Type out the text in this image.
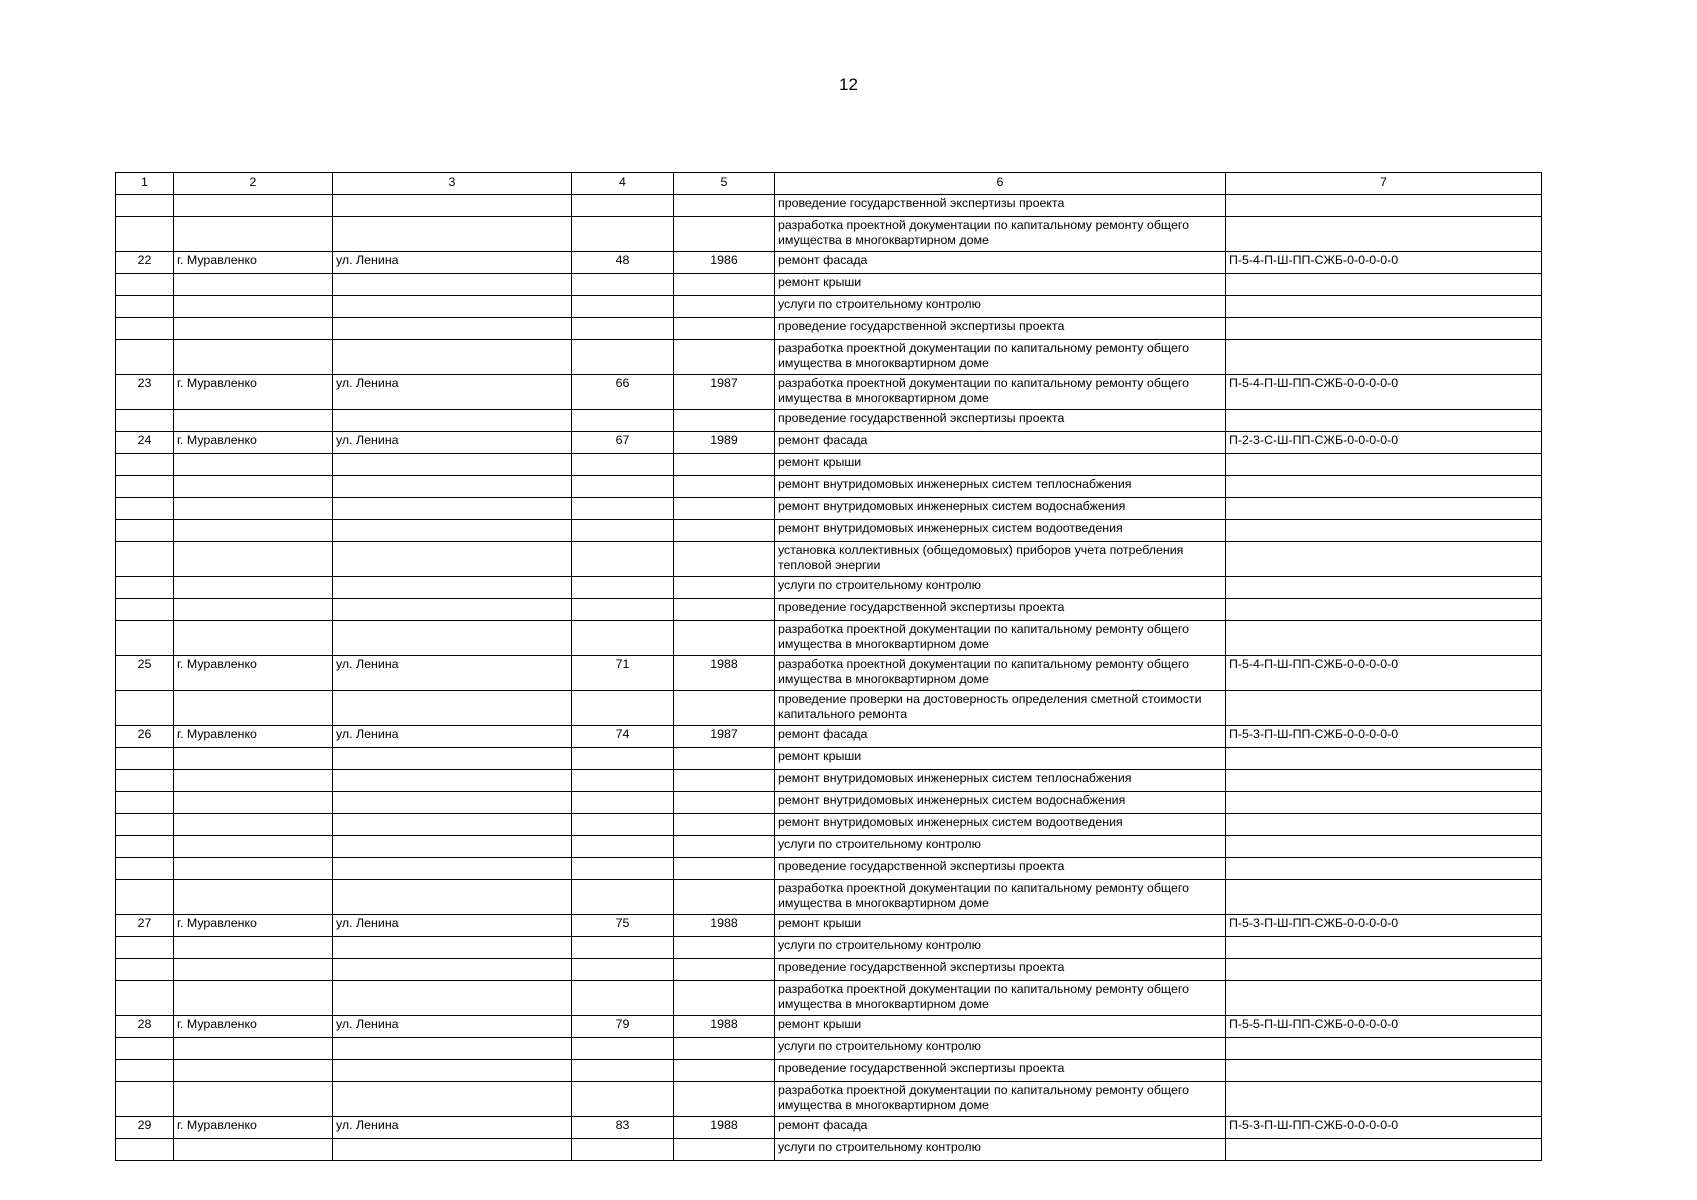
12
1	2	3	4	5	6	7
					проведение государственной экспертизы проекта	
					разработка проектной документации по капитальному ремонту общего имущества в многоквартирном доме	
22	г. Муравленко	ул. Ленина	48	1986	ремонт фасада	П-5-4-П-Ш-ПП-СЖБ-0-0-0-0-0
					ремонт крыши	
					услуги по строительному контролю	
					проведение государственной экспертизы проекта	
					разработка проектной документации по капитальному ремонту общего имущества в многоквартирном доме	
23	г. Муравленко	ул. Ленина	66	1987	разработка проектной документации по капитальному ремонту общего имущества в многоквартирном доме	П-5-4-П-Ш-ПП-СЖБ-0-0-0-0-0
					проведение государственной экспертизы проекта	
24	г. Муравленко	ул. Ленина	67	1989	ремонт фасада	П-2-3-С-Ш-ПП-СЖБ-0-0-0-0-0
					ремонт крыши	
					ремонт внутридомовых инженерных систем теплоснабжения	
					ремонт внутридомовых инженерных систем водоснабжения	
					ремонт внутридомовых инженерных систем водоотведения	
					установка коллективных (общедомовых) приборов учета потребления тепловой энергии	
					услуги по строительному контролю	
					проведение государственной экспертизы проекта	
					разработка проектной документации по капитальному ремонту общего имущества в многоквартирном доме	
25	г. Муравленко	ул. Ленина	71	1988	разработка проектной документации по капитальному ремонту общего имущества в многоквартирном доме	П-5-4-П-Ш-ПП-СЖБ-0-0-0-0-0
					проведение проверки на достоверность определения сметной стоимости капитального ремонта	
26	г. Муравленко	ул. Ленина	74	1987	ремонт фасада	П-5-3-П-Ш-ПП-СЖБ-0-0-0-0-0
					ремонт крыши	
					ремонт внутридомовых инженерных систем теплоснабжения	
					ремонт внутридомовых инженерных систем водоснабжения	
					ремонт внутридомовых инженерных систем водоотведения	
					услуги по строительному контролю	
					проведение государственной экспертизы проекта	
					разработка проектной документации по капитальному ремонту общего имущества в многоквартирном доме	
27	г. Муравленко	ул. Ленина	75	1988	ремонт крыши	П-5-3-П-Ш-ПП-СЖБ-0-0-0-0-0
					услуги по строительному контролю	
					проведение государственной экспертизы проекта	
					разработка проектной документации по капитальному ремонту общего имущества в многоквартирном доме	
28	г. Муравленко	ул. Ленина	79	1988	ремонт крыши	П-5-5-П-Ш-ПП-СЖБ-0-0-0-0-0
					услуги по строительному контролю	
					проведение государственной экспертизы проекта	
					разработка проектной документации по капитальному ремонту общего имущества в многоквартирном доме	
29	г. Муравленко	ул. Ленина	83	1988	ремонт фасада	П-5-3-П-Ш-ПП-СЖБ-0-0-0-0-0
					услуги по строительному контролю	
